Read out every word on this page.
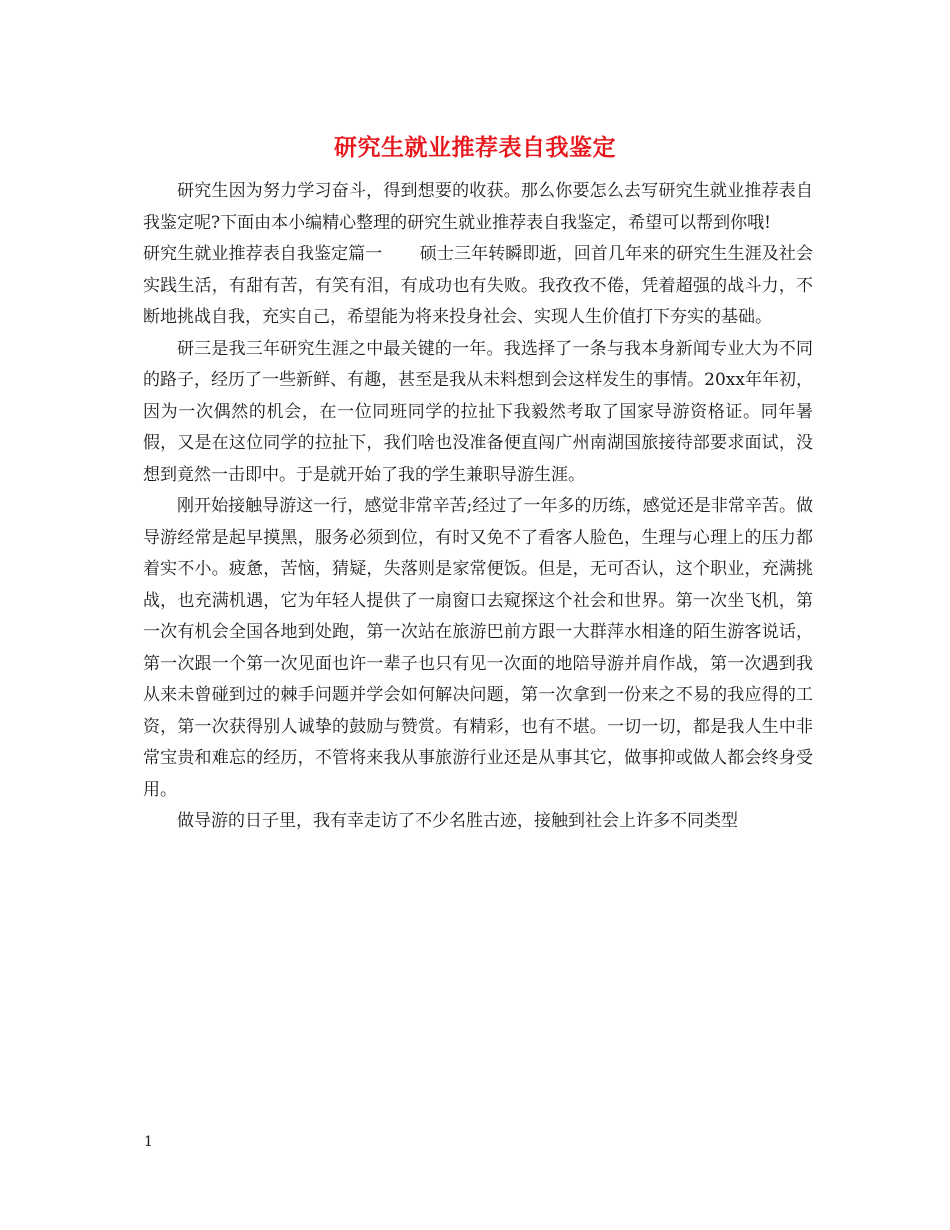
研究生就业推荐表自我鉴定

研究生因为努力学习奋斗，得到想要的收获。那么你要怎么去写研究生就业推荐表自我鉴定呢?下面由本小编精心整理的研究生就业推荐表自我鉴定，希望可以帮到你哦!

研究生就业推荐表自我鉴定篇一 硕士三年转瞬即逝，回首几年来的研究生生涯及社会实践生活，有甜有苦，有笑有泪，有成功也有失败。我孜孜不倦，凭着超强的战斗力，不断地挑战自我，充实自己，希望能为将来投身社会、实现人生价值打下夯实的基础。

研三是我三年研究生涯之中最关键的一年。我选择了一条与我本身新闻专业大为不同的路子，经历了一些新鲜、有趣，甚至是我从未料想到会这样发生的事情。20xx年年初，因为一次偶然的机会，在一位同班同学的拉扯下我毅然考取了国家导游资格证。同年暑假，又是在这位同学的拉扯下，我们啥也没准备便直闯广州南湖国旅接待部要求面试，没想到竟然一击即中。于是就开始了我的学生兼职导游生涯。

刚开始接触导游这一行，感觉非常辛苦;经过了一年多的历练，感觉还是非常辛苦。做导游经常是起早摸黑，服务必须到位，有时又免不了看客人脸色，生理与心理上的压力都着实不小。疲惫，苦恼，猜疑，失落则是家常便饭。但是，无可否认，这个职业，充满挑战，也充满机遇，它为年轻人提供了一扇窗口去窥探这个社会和世界。第一次坐飞机，第一次有机会全国各地到处跑，第一次站在旅游巴前方跟一大群萍水相逢的陌生游客说话，第一次跟一个第一次见面也许一辈子也只有见一次面的地陪导游并肩作战，第一次遇到我从来未曾碰到过的棘手问题并学会如何解决问题，第一次拿到一份来之不易的我应得的工资，第一次获得别人诚挚的鼓励与赞赏。有精彩，也有不堪。一切一切，都是我人生中非常宝贵和难忘的经历，不管将来我从事旅游行业还是从事其它，做事抑或做人都会终身受用。

做导游的日子里，我有幸走访了不少名胜古迹，接触到社会上许多不同类型

1
